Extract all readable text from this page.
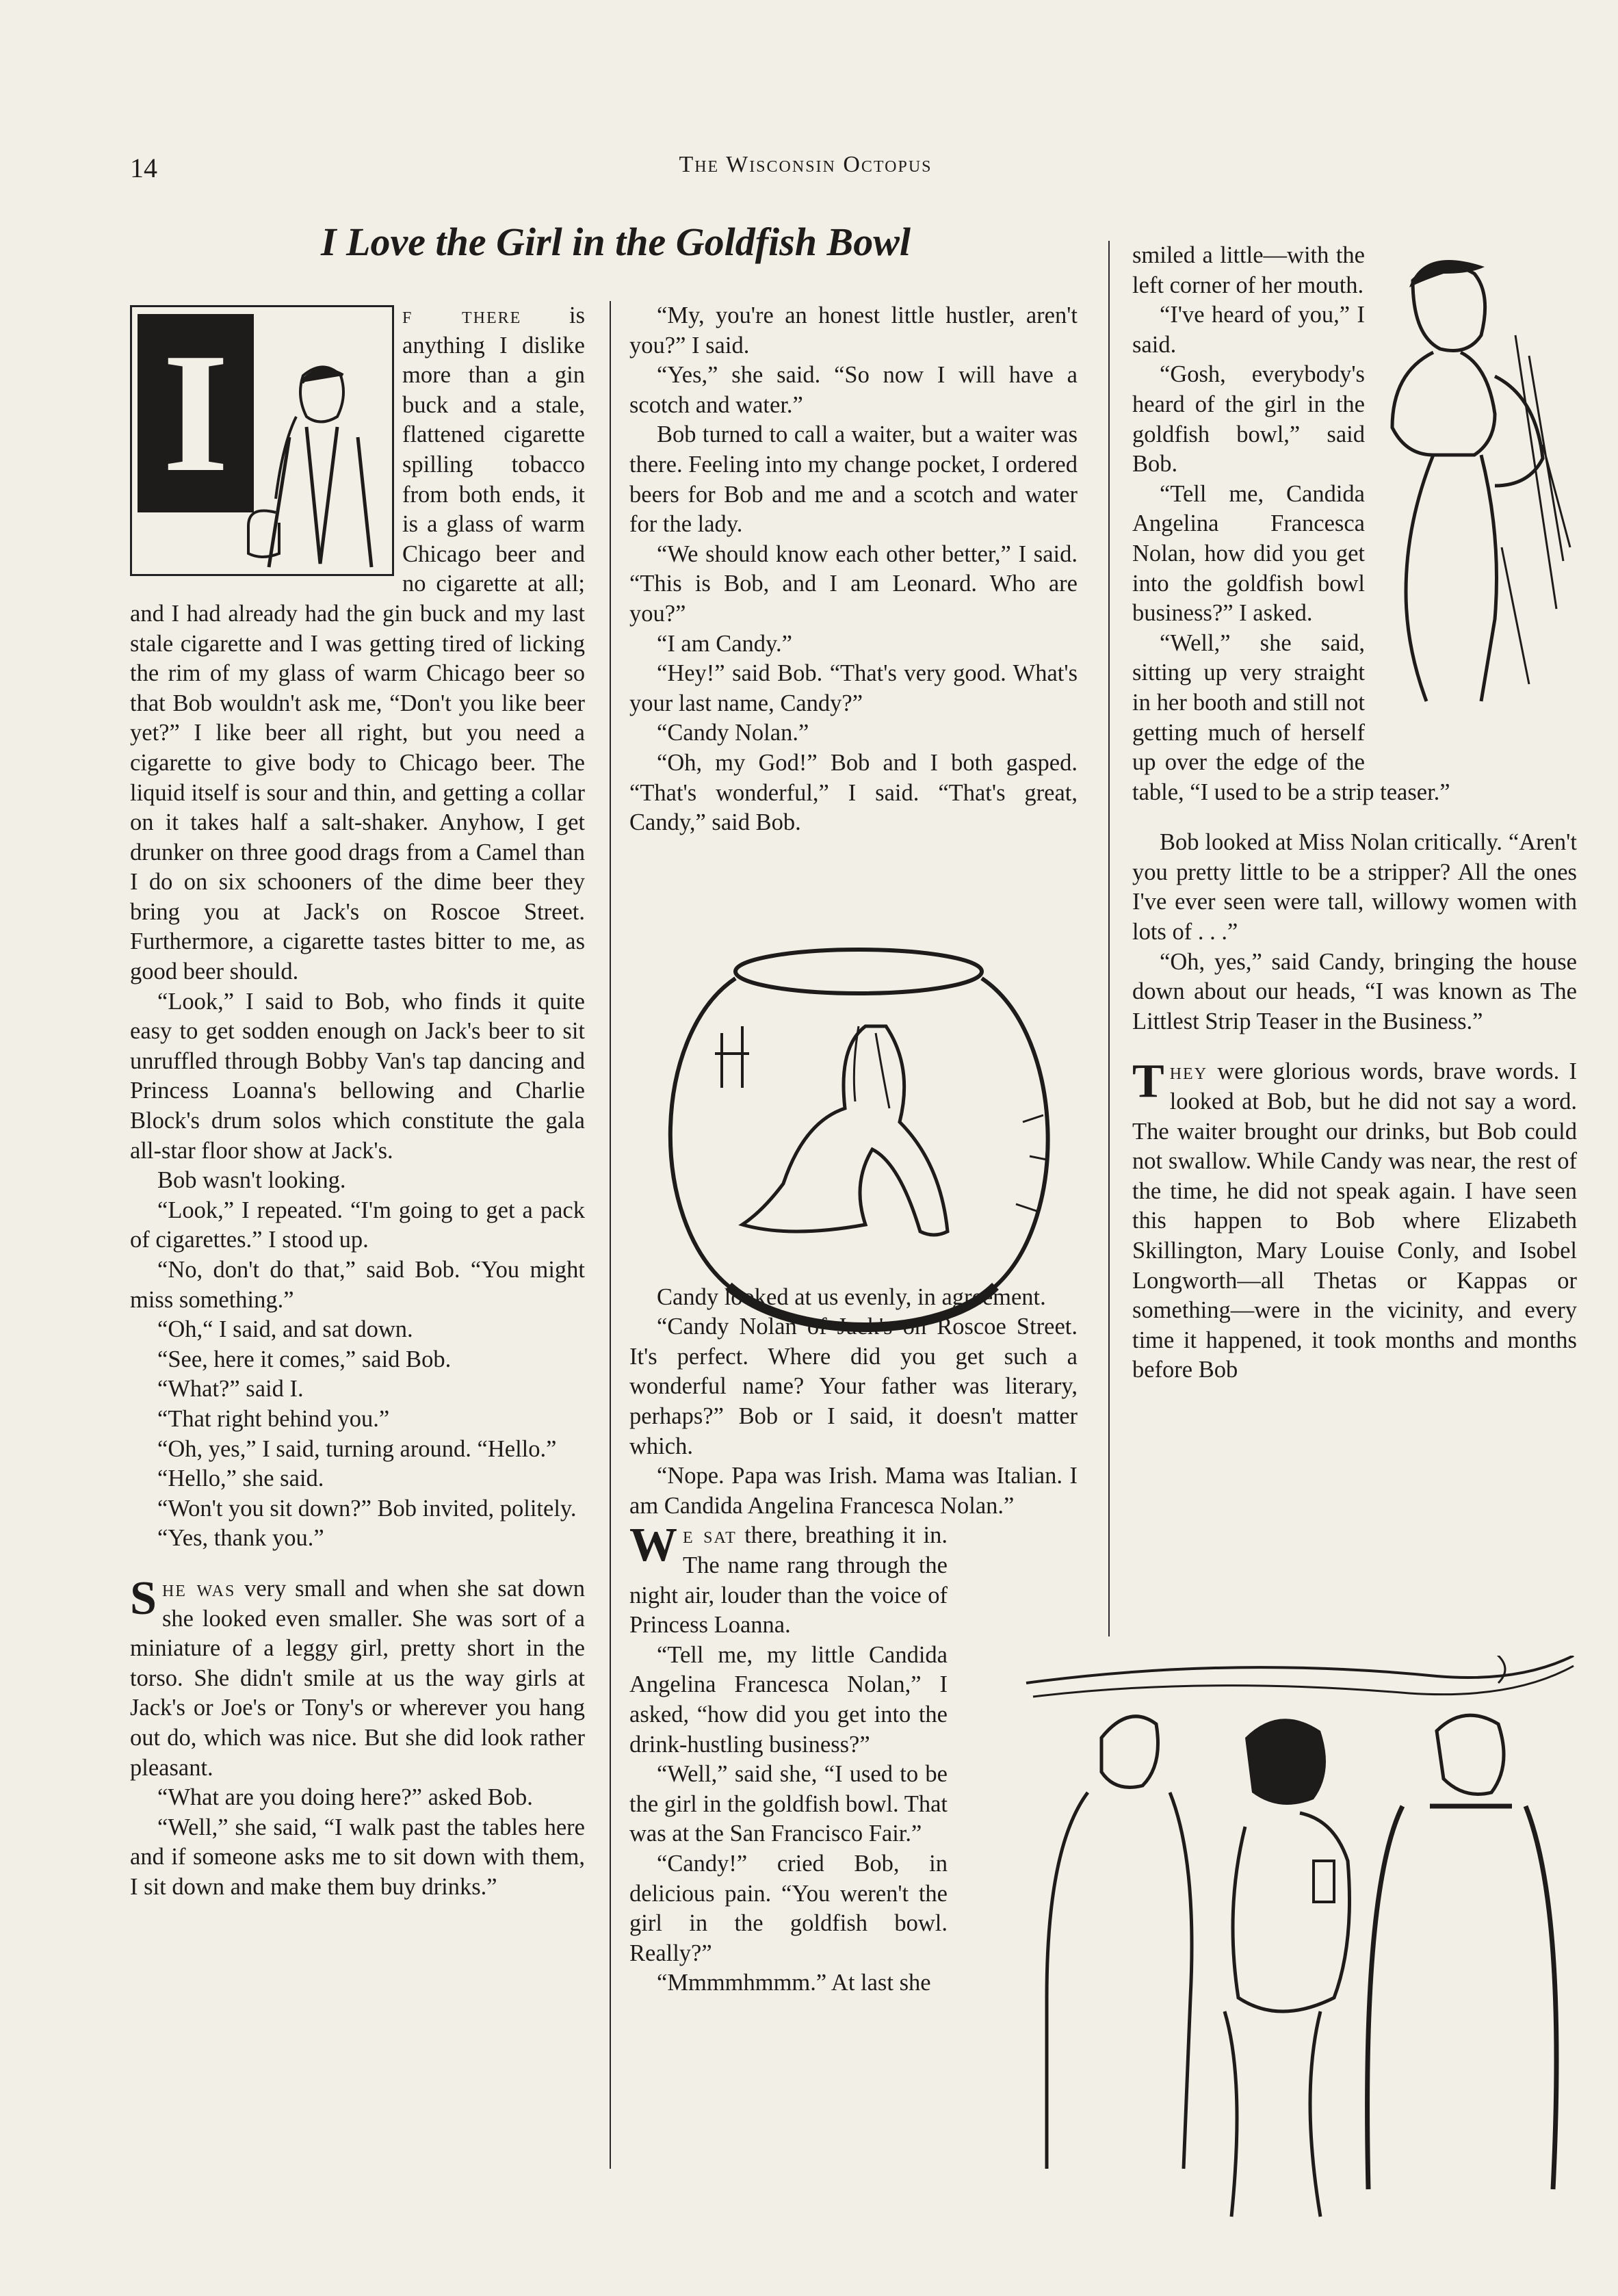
14	The Wisconsin Octopus
I Love the Girl in the Goldfish Bowl
I

f there is anything I dislike more than a gin buck and a stale, flattened cigarette spilling tobacco from both ends, it is a glass of warm Chicago beer and no cigarette at all; and I had already had the gin buck and my last stale cigarette and I was getting tired of licking the rim of my glass of warm Chicago beer so that Bob wouldn't ask me, “Don't you like beer yet?” I like beer all right, but you need a cigarette to give body to Chicago beer. The liquid itself is sour and thin, and getting a collar on it takes half a salt-shaker. Anyhow, I get drunker on three good drags from a Camel than I do on six schooners of the dime beer they bring you at Jack's on Roscoe Street. Furthermore, a cigarette tastes bitter to me, as good beer should.

“Look,” I said to Bob, who finds it quite easy to get sodden enough on Jack's beer to sit unruffled through Bobby Van's tap dancing and Princess Loanna's bellowing and Charlie Block's drum solos which constitute the gala all-star floor show at Jack's.

Bob wasn't looking.

“Look,” I repeated. “I'm going to get a pack of cigarettes.” I stood up.

“No, don't do that,” said Bob. “You might miss something.”

“Oh,“ I said, and sat down.

“See, here it comes,” said Bob.

“What?” said I.

“That right behind you.”

“Oh, yes,” I said, turning around. “Hello.”

“Hello,” she said.

“Won't you sit down?” Bob invited, politely.

“Yes, thank you.”

She was very small and when she sat down she looked even smaller. She was sort of a miniature of a leggy girl, pretty short in the torso. She didn't smile at us the way girls at Jack's or Joe's or Tony's or wherever you hang out do, which was nice. But she did look rather pleasant.

“What are you doing here?” asked Bob.

“Well,” she said, “I walk past the tables here and if someone asks me to sit down with them, I sit down and make them buy drinks.”

“My, you're an honest little hustler, aren't you?” I said.

“Yes,” she said. “So now I will have a scotch and water.”

Bob turned to call a waiter, but a waiter was there. Feeling into my change pocket, I ordered beers for Bob and me and a scotch and water for the lady.

“We should know each other better,” I said. “This is Bob, and I am Leonard. Who are you?”

“I am Candy.”

“Hey!” said Bob. “That's very good. What's your last name, Candy?”

“Candy Nolan.”

“Oh, my God!” Bob and I both gasped. “That's wonderful,” I said. “That's great, Candy,” said Bob.

Candy looked at us evenly, in agreement.

“Candy Nolan of Jack's on Roscoe Street. It's perfect. Where did you get such a wonderful name? Your father was literary, perhaps?” Bob or I said, it doesn't matter which.

“Nope. Papa was Irish. Mama was Italian. I am Candida Angelina Francesca Nolan.”

We sat there, breathing it in. The name rang through the night air, louder than the voice of Princess Loanna.

“Tell me, my little Candida Angelina Francesca Nolan,” I asked, “how did you get into the drink-hustling business?”

“Well,” said she, “I used to be the girl in the goldfish bowl. That was at the San Francisco Fair.”

“Candy!” cried Bob, in delicious pain. “You weren't the girl in the goldfish bowl. Really?”

“Mmmmhmmm.” At last she

smiled a little—with the left corner of her mouth.

“I've heard of you,” I said.

“Gosh, everybody's heard of the girl in the goldfish bowl,” said Bob.

“Tell me, Candida Angelina Francesca Nolan, how did you get into the goldfish bowl business?” I asked.

“Well,” she said, sitting up very straight in her booth and still not getting much of herself up over the edge of the table, “I used to be a strip teaser.”

Bob looked at Miss Nolan critically. “Aren't you pretty little to be a stripper? All the ones I've ever seen were tall, willowy women with lots of . . .”

“Oh, yes,” said Candy, bringing the house down about our heads, “I was known as The Littlest Strip Teaser in the Business.”

They were glorious words, brave words. I looked at Bob, but he did not say a word. The waiter brought our drinks, but Bob could not swallow. While Candy was near, the rest of the time, he did not speak again. I have seen this happen to Bob where Elizabeth Skillington, Mary Louise Conly, and Isobel Longworth—all Thetas or Kappas or something—were in the vicinity, and every time it happened, it took months and months before Bob
